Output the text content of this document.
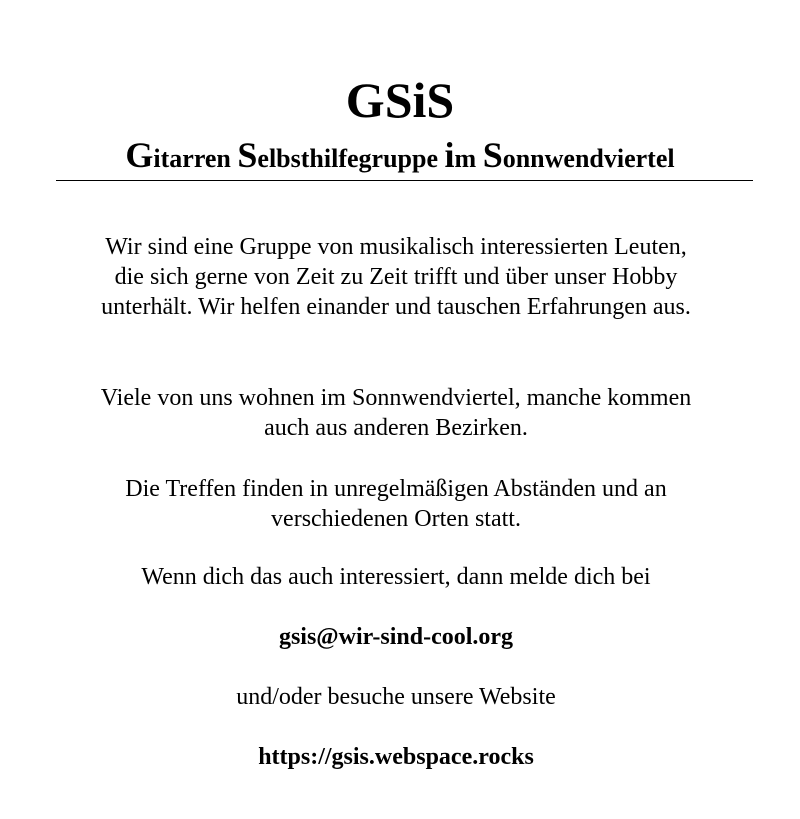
GSiS
Gitarren Selbsthilfegruppe im Sonnwendviertel

Wir sind eine Gruppe von musikalisch interessierten Leuten, die sich gerne von Zeit zu Zeit trifft und über unser Hobby unterhält. Wir helfen einander und tauschen Erfahrungen aus.

Viele von uns wohnen im Sonnwendviertel, manche kommen auch aus anderen Bezirken.

Die Treffen finden in unregelmäßigen Abständen und an verschiedenen Orten statt.

Wenn dich das auch interessiert, dann melde dich bei

gsis@wir-sind-cool.org

und/oder besuche unsere Website

https://gsis.webspace.rocks
